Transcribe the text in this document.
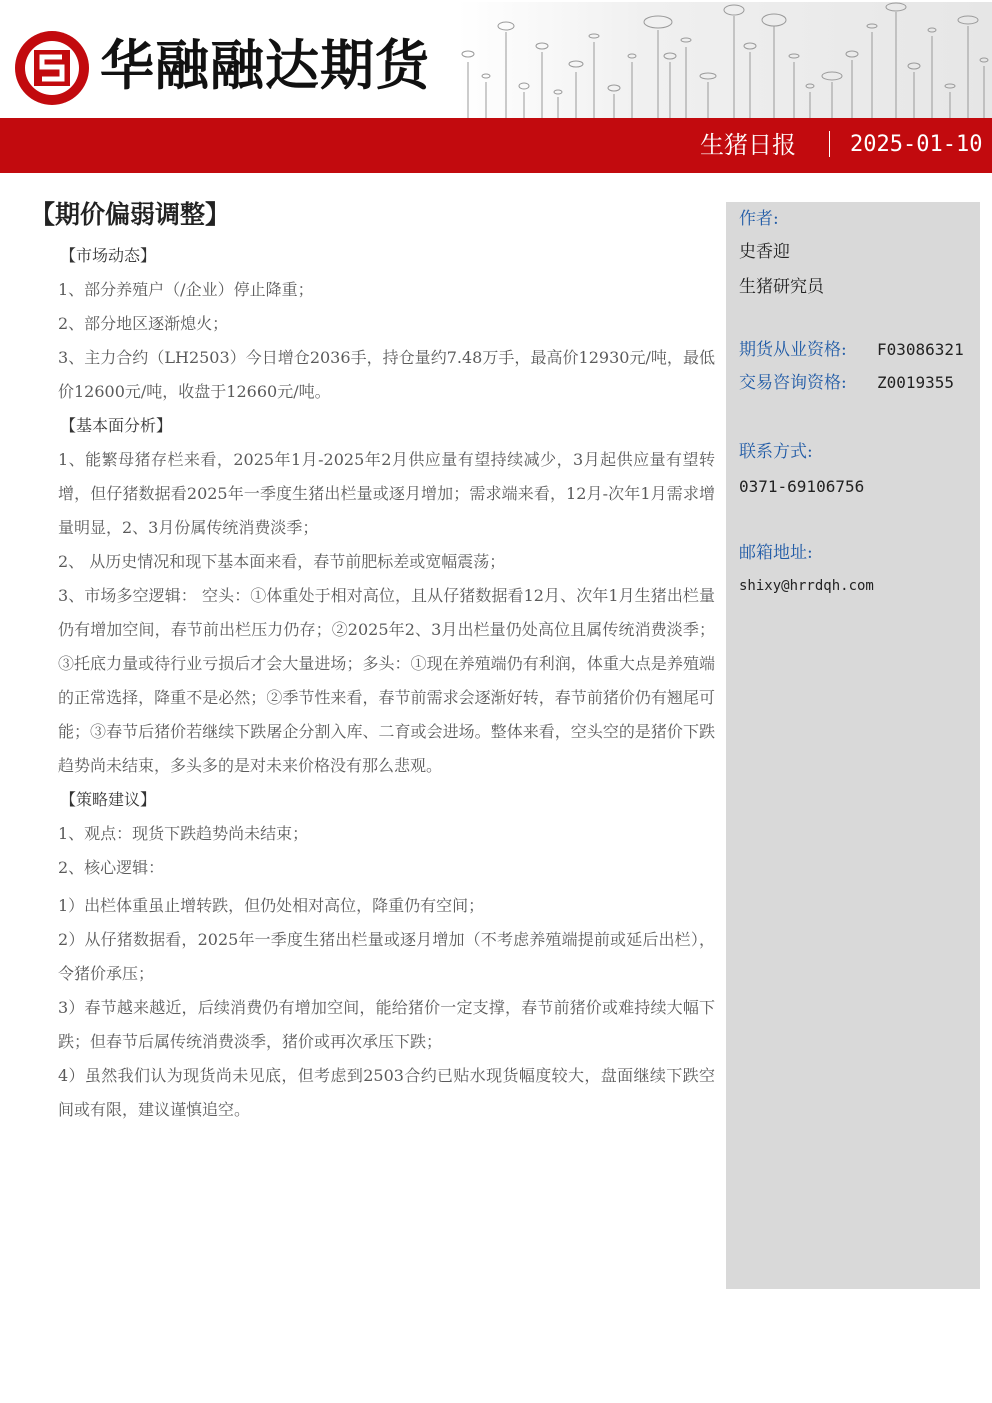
华融融达期货
生猪日报 2025-01-10
【期价偏弱调整】
【市场动态】
1、部分养殖户（/企业）停止降重；
2、部分地区逐渐熄火；
3、主力合约（LH2503）今日增仓2036手，持仓量约7.48万手，最高价12930元/吨，最低价12600元/吨，收盘于12660元/吨。
【基本面分析】
1、能繁母猪存栏来看，2025年1月-2025年2月供应量有望持续减少，3月起供应量有望转增，但仔猪数据看2025年一季度生猪出栏量或逐月增加；需求端来看，12月-次年1月需求增量明显，2、3月份属传统消费淡季；
2、 从历史情况和现下基本面来看，春节前肥标差或宽幅震荡；
3、市场多空逻辑： 空头：①体重处于相对高位，且从仔猪数据看12月、次年1月生猪出栏量仍有增加空间，春节前出栏压力仍存；②2025年2、3月出栏量仍处高位且属传统消费淡季；③托底力量或待行业亏损后才会大量进场；多头：①现在养殖端仍有利润，体重大点是养殖端的正常选择，降重不是必然；②季节性来看，春节前需求会逐渐好转，春节前猪价仍有翘尾可能；③春节后猪价若继续下跌屠企分割入库、二育或会进场。整体来看，空头空的是猪价下跌趋势尚未结束，多头多的是对未来价格没有那么悲观。
【策略建议】
1、观点：现货下跌趋势尚未结束；
2、核心逻辑：
1）出栏体重虽止增转跌，但仍处相对高位，降重仍有空间；
2）从仔猪数据看，2025年一季度生猪出栏量或逐月增加（不考虑养殖端提前或延后出栏），令猪价承压；
3）春节越来越近，后续消费仍有增加空间，能给猪价一定支撑，春节前猪价或难持续大幅下跌；但春节后属传统消费淡季，猪价或再次承压下跌；
4）虽然我们认为现货尚未见底，但考虑到2503合约已贴水现货幅度较大，盘面继续下跌空间或有限，建议谨慎追空。
作者:
史香迎
生猪研究员
期货从业资格: F03086321
交易咨询资格: Z0019355
联系方式:
0371-69106756
邮箱地址:
shixy@hrrdqh.com
